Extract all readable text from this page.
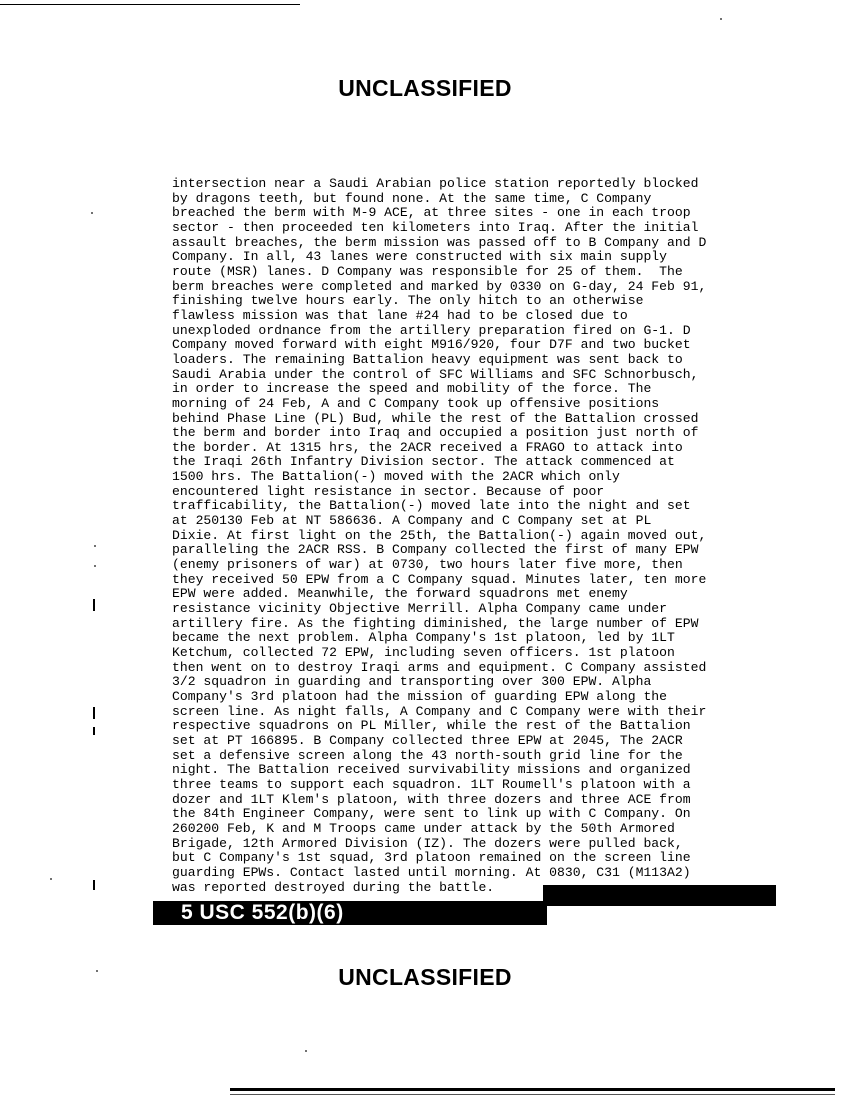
UNCLASSIFIED
intersection near a Saudi Arabian police station reportedly blocked
by dragons teeth, but found none. At the same time, C Company
breached the berm with M-9 ACE, at three sites - one in each troop
sector - then proceeded ten kilometers into Iraq. After the initial
assault breaches, the berm mission was passed off to B Company and D
Company. In all, 43 lanes were constructed with six main supply
route (MSR) lanes. D Company was responsible for 25 of them.  The
berm breaches were completed and marked by 0330 on G-day, 24 Feb 91,
finishing twelve hours early. The only hitch to an otherwise
flawless mission was that lane #24 had to be closed due to
unexploded ordnance from the artillery preparation fired on G-1. D
Company moved forward with eight M916/920, four D7F and two bucket
loaders. The remaining Battalion heavy equipment was sent back to
Saudi Arabia under the control of SFC Williams and SFC Schnorbusch,
in order to increase the speed and mobility of the force. The
morning of 24 Feb, A and C Company took up offensive positions
behind Phase Line (PL) Bud, while the rest of the Battalion crossed
the berm and border into Iraq and occupied a position just north of
the border. At 1315 hrs, the 2ACR received a FRAGO to attack into
the Iraqi 26th Infantry Division sector. The attack commenced at
1500 hrs. The Battalion(-) moved with the 2ACR which only
encountered light resistance in sector. Because of poor
trafficability, the Battalion(-) moved late into the night and set
at 250130 Feb at NT 586636. A Company and C Company set at PL
Dixie. At first light on the 25th, the Battalion(-) again moved out,
paralleling the 2ACR RSS. B Company collected the first of many EPW
(enemy prisoners of war) at 0730, two hours later five more, then
they received 50 EPW from a C Company squad. Minutes later, ten more
EPW were added. Meanwhile, the forward squadrons met enemy
resistance vicinity Objective Merrill. Alpha Company came under
artillery fire. As the fighting diminished, the large number of EPW
became the next problem. Alpha Company's 1st platoon, led by 1LT
Ketchum, collected 72 EPW, including seven officers. 1st platoon
then went on to destroy Iraqi arms and equipment. C Company assisted
3/2 squadron in guarding and transporting over 300 EPW. Alpha
Company's 3rd platoon had the mission of guarding EPW along the
screen line. As night falls, A Company and C Company were with their
respective squadrons on PL Miller, while the rest of the Battalion
set at PT 166895. B Company collected three EPW at 2045, The 2ACR
set a defensive screen along the 43 north-south grid line for the
night. The Battalion received survivability missions and organized
three teams to support each squadron. 1LT Roumell's platoon with a
dozer and 1LT Klem's platoon, with three dozers and three ACE from
the 84th Engineer Company, were sent to link up with C Company. On
260200 Feb, K and M Troops came under attack by the 50th Armored
Brigade, 12th Armored Division (IZ). The dozers were pulled back,
but C Company's 1st squad, 3rd platoon remained on the screen line
guarding EPWs. Contact lasted until morning. At 0830, C31 (M113A2)
was reported destroyed during the battle.
5 USC 552(b)(6)
UNCLASSIFIED
